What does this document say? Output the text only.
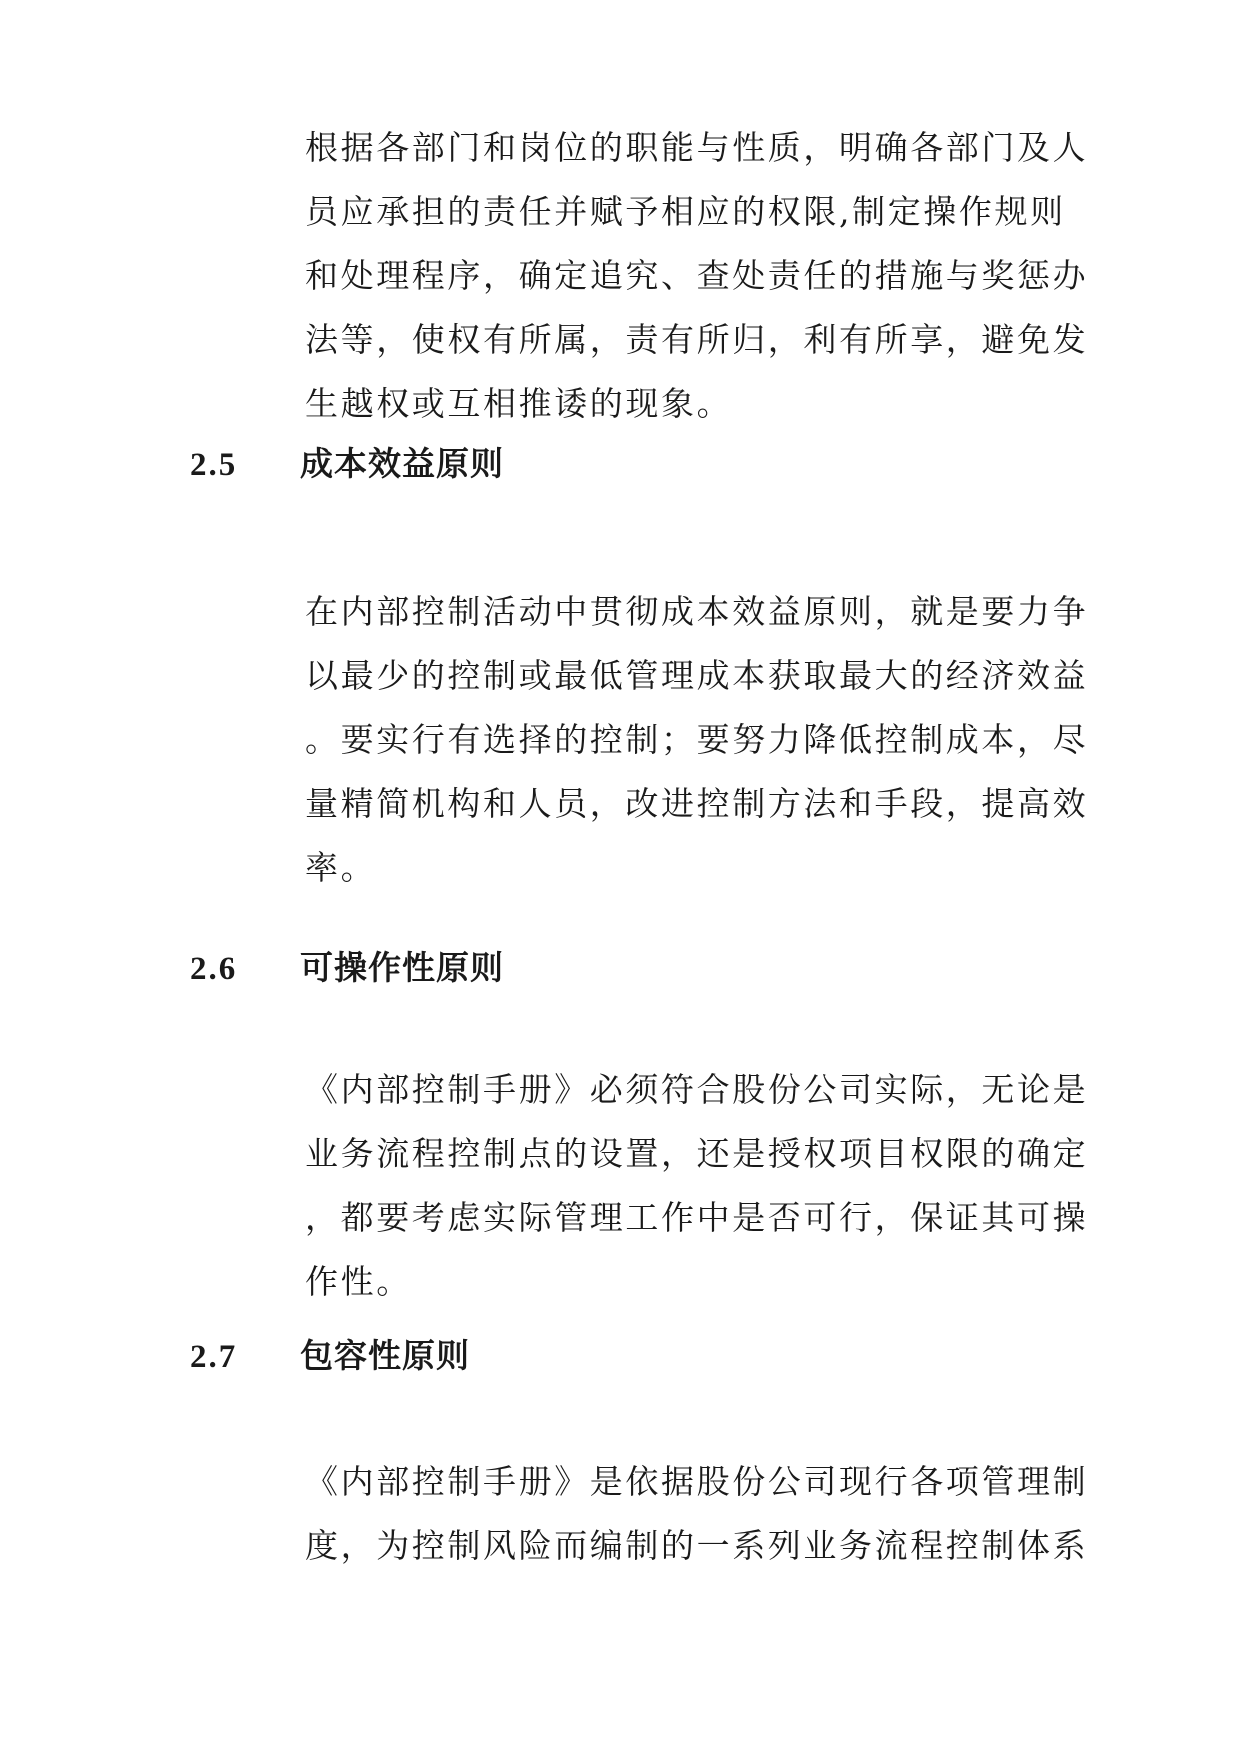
根据各部门和岗位的职能与性质，明确各部门及人
员应承担的责任并赋予相应的权限,制定操作规则
和处理程序，确定追究、查处责任的措施与奖惩办
法等，使权有所属，责有所归，利有所享，避免发
生越权或互相推诿的现象。
2.5 成本效益原则
在内部控制活动中贯彻成本效益原则，就是要力争
以最少的控制或最低管理成本获取最大的经济效益
。要实行有选择的控制；要努力降低控制成本，尽
量精简机构和人员，改进控制方法和手段，提高效
率。
2.6 可操作性原则
《内部控制手册》必须符合股份公司实际，无论是
业务流程控制点的设置，还是授权项目权限的确定
，都要考虑实际管理工作中是否可行，保证其可操
作性。
2.7 包容性原则
《内部控制手册》是依据股份公司现行各项管理制
度，为控制风险而编制的一系列业务流程控制体系
